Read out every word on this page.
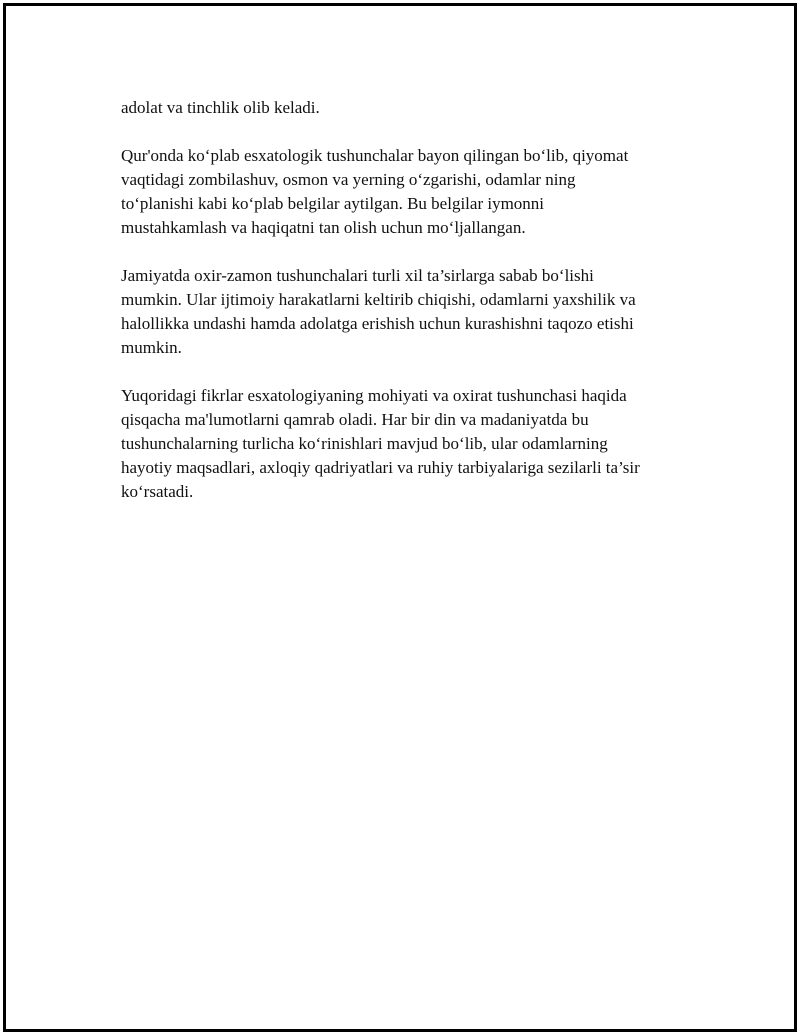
adolat va tinchlik olib keladi.

Qur'onda ko‘plab esxatologik tushunchalar bayon qilingan bo‘lib, qiyomat
vaqtidagi zombilashuv, osmon va yerning o‘zgarishi, odamlar ning
to‘planishi kabi ko‘plab belgilar aytilgan. Bu belgilar iymonni
mustahkamlash va haqiqatni tan olish uchun mo‘ljallangan.

Jamiyatda oxir-zamon tushunchalari turli xil ta’sirlarga sabab bo‘lishi
mumkin. Ular ijtimoiy harakatlarni keltirib chiqishi, odamlarni yaxshilik va
halollikka undashi hamda adolatga erishish uchun kurashishni taqozo etishi
mumkin.

Yuqoridagi fikrlar esxatologiyaning mohiyati va oxirat tushunchasi haqida
qisqacha ma'lumotlarni qamrab oladi. Har bir din va madaniyatda bu
tushunchalarning turlicha ko‘rinishlari mavjud bo‘lib, ular odamlarning
hayotiy maqsadlari, axloqiy qadriyatlari va ruhiy tarbiyalariga sezilarli ta’sir
ko‘rsatadi.
